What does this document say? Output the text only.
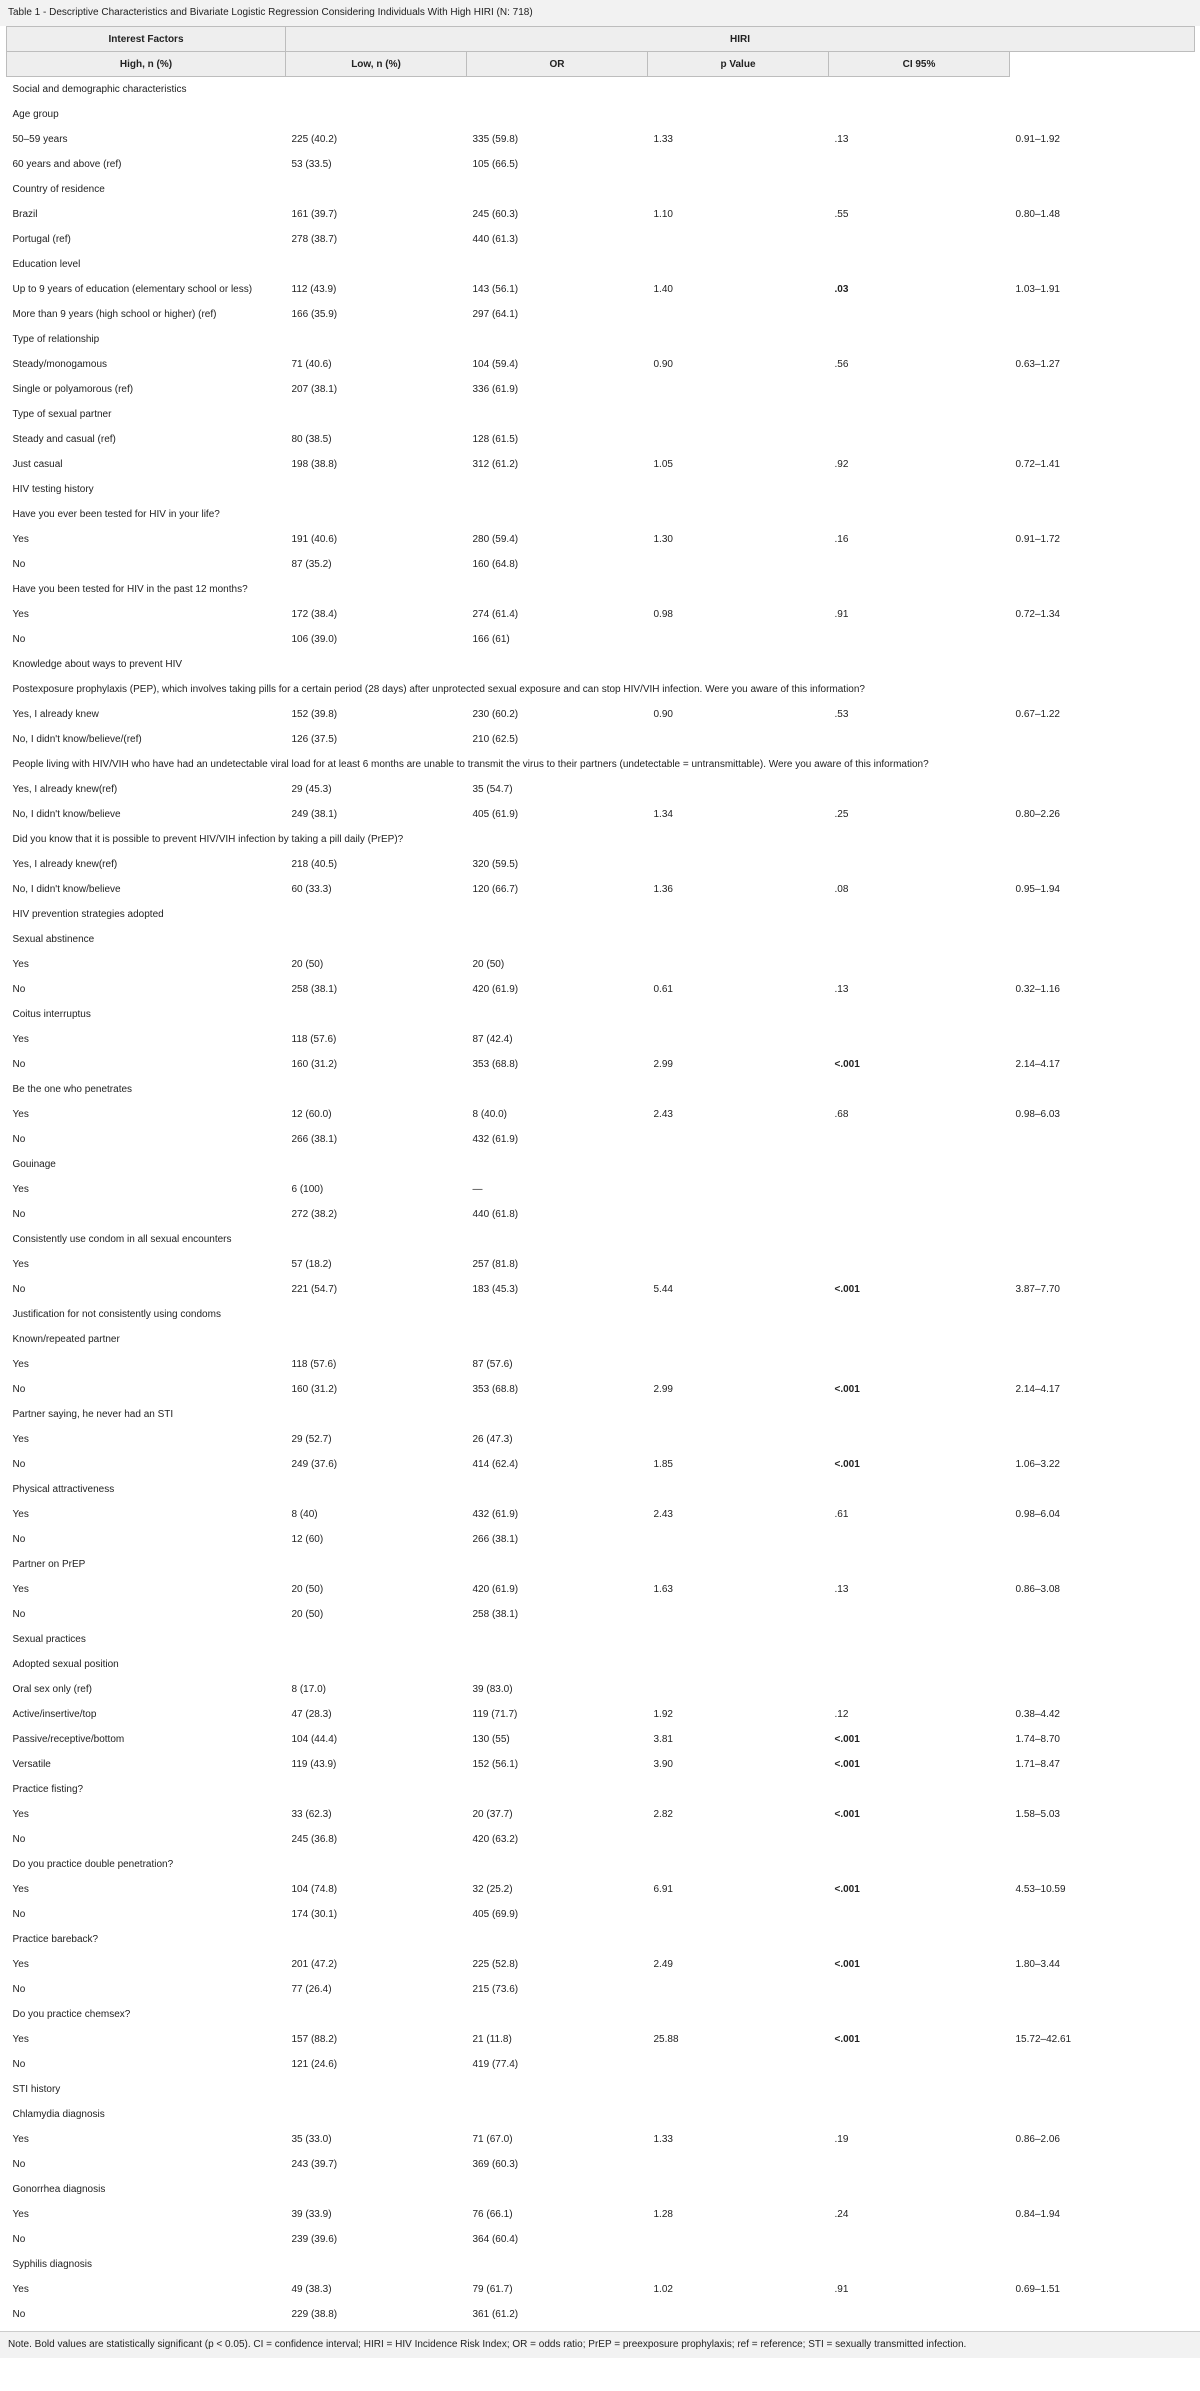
Table 1 - Descriptive Characteristics and Bivariate Logistic Regression Considering Individuals With High HIRI (N: 718)
Interest Factors	HIRI				
High, n (%)	Low, n (%)	OR	p Value	CI 95%	
Social and demographic characteristics					
Age group					
50–59 years	225 (40.2)	335 (59.8)	1.33	.13	0.91–1.92
60 years and above (ref)	53 (33.5)	105 (66.5)			
Country of residence					
Brazil	161 (39.7)	245 (60.3)	1.10	.55	0.80–1.48
Portugal (ref)	278 (38.7)	440 (61.3)			
Education level					
Up to 9 years of education (elementary school or less)	112 (43.9)	143 (56.1)	1.40	.03	1.03–1.91
More than 9 years (high school or higher) (ref)	166 (35.9)	297 (64.1)			
Type of relationship					
Steady/monogamous	71 (40.6)	104 (59.4)	0.90	.56	0.63–1.27
Single or polyamorous (ref)	207 (38.1)	336 (61.9)			
Type of sexual partner					
Steady and casual (ref)	80 (38.5)	128 (61.5)			
Just casual	198 (38.8)	312 (61.2)	1.05	.92	0.72–1.41
HIV testing history					
Have you ever been tested for HIV in your life?					
Yes	191 (40.6)	280 (59.4)	1.30	.16	0.91–1.72
No	87 (35.2)	160 (64.8)			
Have you been tested for HIV in the past 12 months?					
Yes	172 (38.4)	274 (61.4)	0.98	.91	0.72–1.34
No	106 (39.0)	166 (61)			
Knowledge about ways to prevent HIV					
Postexposure prophylaxis (PEP), which involves taking pills for a certain period (28 days) after unprotected sexual exposure and can stop HIV/VIH infection. Were you aware of this information?					
Yes, I already knew	152 (39.8)	230 (60.2)	0.90	.53	0.67–1.22
No, I didn't know/believe/(ref)	126 (37.5)	210 (62.5)			
People living with HIV/VIH who have had an undetectable viral load for at least 6 months are unable to transmit the virus to their partners (undetectable = untransmittable). Were you aware of this information?					
Yes, I already knew(ref)	29 (45.3)	35 (54.7)			
No, I didn't know/believe	249 (38.1)	405 (61.9)	1.34	.25	0.80–2.26
Did you know that it is possible to prevent HIV/VIH infection by taking a pill daily (PrEP)?					
Yes, I already knew(ref)	218 (40.5)	320 (59.5)			
No, I didn't know/believe	60 (33.3)	120 (66.7)	1.36	.08	0.95–1.94
HIV prevention strategies adopted					
Sexual abstinence					
Yes	20 (50)	20 (50)			
No	258 (38.1)	420 (61.9)	0.61	.13	0.32–1.16
Coitus interruptus					
Yes	118 (57.6)	87 (42.4)			
No	160 (31.2)	353 (68.8)	2.99	<.001	2.14–4.17
Be the one who penetrates					
Yes	12 (60.0)	8 (40.0)	2.43	.68	0.98–6.03
No	266 (38.1)	432 (61.9)			
Gouinage					
Yes	6 (100)	—			
No	272 (38.2)	440 (61.8)			
Consistently use condom in all sexual encounters					
Yes	57 (18.2)	257 (81.8)			
No	221 (54.7)	183 (45.3)	5.44	<.001	3.87–7.70
Justification for not consistently using condoms					
Known/repeated partner					
Yes	118 (57.6)	87 (57.6)			
No	160 (31.2)	353 (68.8)	2.99	<.001	2.14–4.17
Partner saying, he never had an STI					
Yes	29 (52.7)	26 (47.3)			
No	249 (37.6)	414 (62.4)	1.85	<.001	1.06–3.22
Physical attractiveness					
Yes	8 (40)	432 (61.9)	2.43	.61	0.98–6.04
No	12 (60)	266 (38.1)			
Partner on PrEP					
Yes	20 (50)	420 (61.9)	1.63	.13	0.86–3.08
No	20 (50)	258 (38.1)			
Sexual practices					
Adopted sexual position					
Oral sex only (ref)	8 (17.0)	39 (83.0)			
Active/insertive/top	47 (28.3)	119 (71.7)	1.92	.12	0.38–4.42
Passive/receptive/bottom	104 (44.4)	130 (55)	3.81	<.001	1.74–8.70
Versatile	119 (43.9)	152 (56.1)	3.90	<.001	1.71–8.47
Practice fisting?					
Yes	33 (62.3)	20 (37.7)	2.82	<.001	1.58–5.03
No	245 (36.8)	420 (63.2)			
Do you practice double penetration?					
Yes	104 (74.8)	32 (25.2)	6.91	<.001	4.53–10.59
No	174 (30.1)	405 (69.9)			
Practice bareback?					
Yes	201 (47.2)	225 (52.8)	2.49	<.001	1.80–3.44
No	77 (26.4)	215 (73.6)			
Do you practice chemsex?					
Yes	157 (88.2)	21 (11.8)	25.88	<.001	15.72–42.61
No	121 (24.6)	419 (77.4)			
STI history					
Chlamydia diagnosis					
Yes	35 (33.0)	71 (67.0)	1.33	.19	0.86–2.06
No	243 (39.7)	369 (60.3)			
Gonorrhea diagnosis					
Yes	39 (33.9)	76 (66.1)	1.28	.24	0.84–1.94
No	239 (39.6)	364 (60.4)			
Syphilis diagnosis					
Yes	49 (38.3)	79 (61.7)	1.02	.91	0.69–1.51
No	229 (38.8)	361 (61.2)			
Note. Bold values are statistically significant (p < 0.05). CI = confidence interval; HIRI = HIV Incidence Risk Index; OR = odds ratio; PrEP = preexposure prophylaxis; ref = reference; STI = sexually transmitted infection.
